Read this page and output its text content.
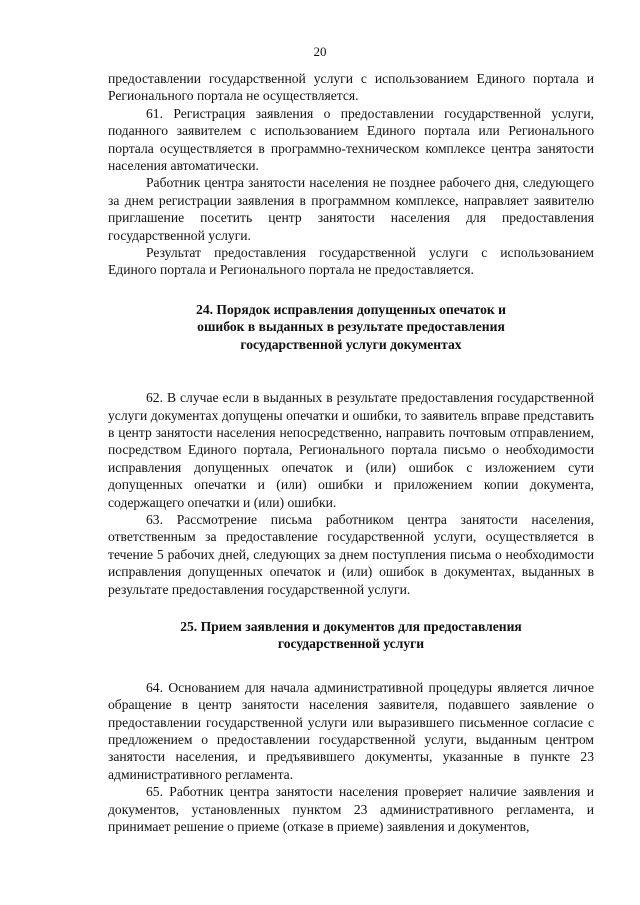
20

предоставлении государственной услуги с использованием Единого портала и Регионального портала не осуществляется.

61. Регистрация заявления о предоставлении государственной услуги, поданного заявителем с использованием Единого портала или Регионального портала осуществляется в программно-техническом комплексе центра занятости населения автоматически.

Работник центра занятости населения не позднее рабочего дня, следующего за днем регистрации заявления в программном комплексе, направляет заявителю приглашение посетить центр занятости населения для предоставления государственной услуги.

Результат предоставления государственной услуги с использованием Единого портала и Регионального портала не предоставляется.

24. Порядок исправления допущенных опечаток и
ошибок в выданных в результате предоставления
государственной услуги документах

62. В случае если в выданных в результате предоставления государственной услуги документах допущены опечатки и ошибки, то заявитель вправе представить в центр занятости населения непосредственно, направить почтовым отправлением, посредством Единого портала, Регионального портала письмо о необходимости исправления допущенных опечаток и (или) ошибок с изложением сути допущенных опечатки и (или) ошибки и приложением копии документа, содержащего опечатки и (или) ошибки.

63. Рассмотрение письма работником центра занятости населения, ответственным за предоставление государственной услуги, осуществляется в течение 5 рабочих дней, следующих за днем поступления письма о необходимости исправления допущенных опечаток и (или) ошибок в документах, выданных в результате предоставления государственной услуги.

25. Прием заявления и документов для предоставления
государственной услуги

64. Основанием для начала административной процедуры является личное обращение в центр занятости населения заявителя, подавшего заявление о предоставлении государственной услуги или выразившего письменное согласие с предложением о предоставлении государственной услуги, выданным центром занятости населения, и предъявившего документы, указанные в пункте 23 административного регламента.

65. Работник центра занятости населения проверяет наличие заявления и документов, установленных пунктом 23 административного регламента, и принимает решение о приеме (отказе в приеме) заявления и документов,
